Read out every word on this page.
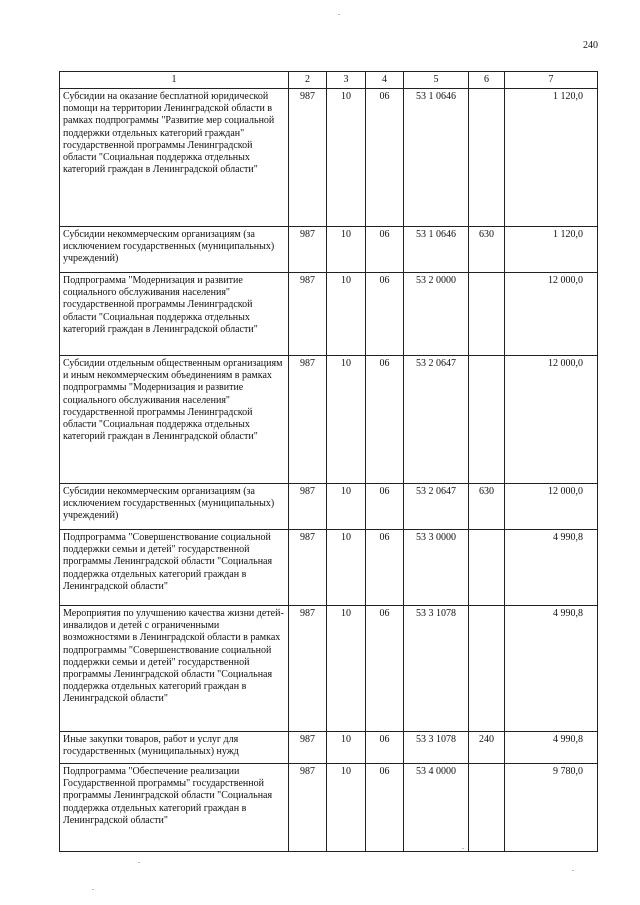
240
1	2	3	4	5	6	7
Субсидии на оказание бесплатной юридической помощи на территории Ленинградской области в рамках подпрограммы "Развитие мер социальной поддержки отдельных категорий граждан" государственной программы Ленинградской области "Социальная поддержка отдельных категорий граждан в Ленинградской области"	987	10	06	53 1 0646		1 120,0
Субсидии некоммерческим организациям (за исключением государственных (муниципальных) учреждений)	987	10	06	53 1 0646	630	1 120,0
Подпрограмма "Модернизация и развитие социального обслуживания населения" государственной программы Ленинградской области "Социальная поддержка отдельных категорий граждан в Ленинградской области"	987	10	06	53 2 0000		12 000,0
Субсидии отдельным общественным организациям и иным некоммерческим объединениям в рамках подпрограммы "Модернизация и развитие социального обслуживания населения" государственной программы Ленинградской области "Социальная поддержка отдельных категорий граждан в Ленинградской области"	987	10	06	53 2 0647		12 000,0
Субсидии некоммерческим организациям (за исключением государственных (муниципальных) учреждений)	987	10	06	53 2 0647	630	12 000,0
Подпрограмма "Совершенствование социальной поддержки семьи и детей" государственной программы Ленинградской области "Социальная поддержка отдельных категорий граждан в Ленинградской области"	987	10	06	53 3 0000		4 990,8
Мероприятия по улучшению качества жизни детей-инвалидов и детей с ограниченными возможностями в Ленинградской области в рамках подпрограммы "Совершенствование социальной поддержки семьи и детей" государственной программы Ленинградской области "Социальная поддержка отдельных категорий граждан в Ленинградской области"	987	10	06	53 3 1078		4 990,8
Иные закупки товаров, работ и услуг для государственных (муниципальных) нужд	987	10	06	53 3 1078	240	4 990,8
Подпрограмма "Обеспечение реализации Государственной программы" государственной программы Ленинградской области "Социальная поддержка отдельных категорий граждан в Ленинградской области"	987	10	06	53 4 0000		9 780,0
